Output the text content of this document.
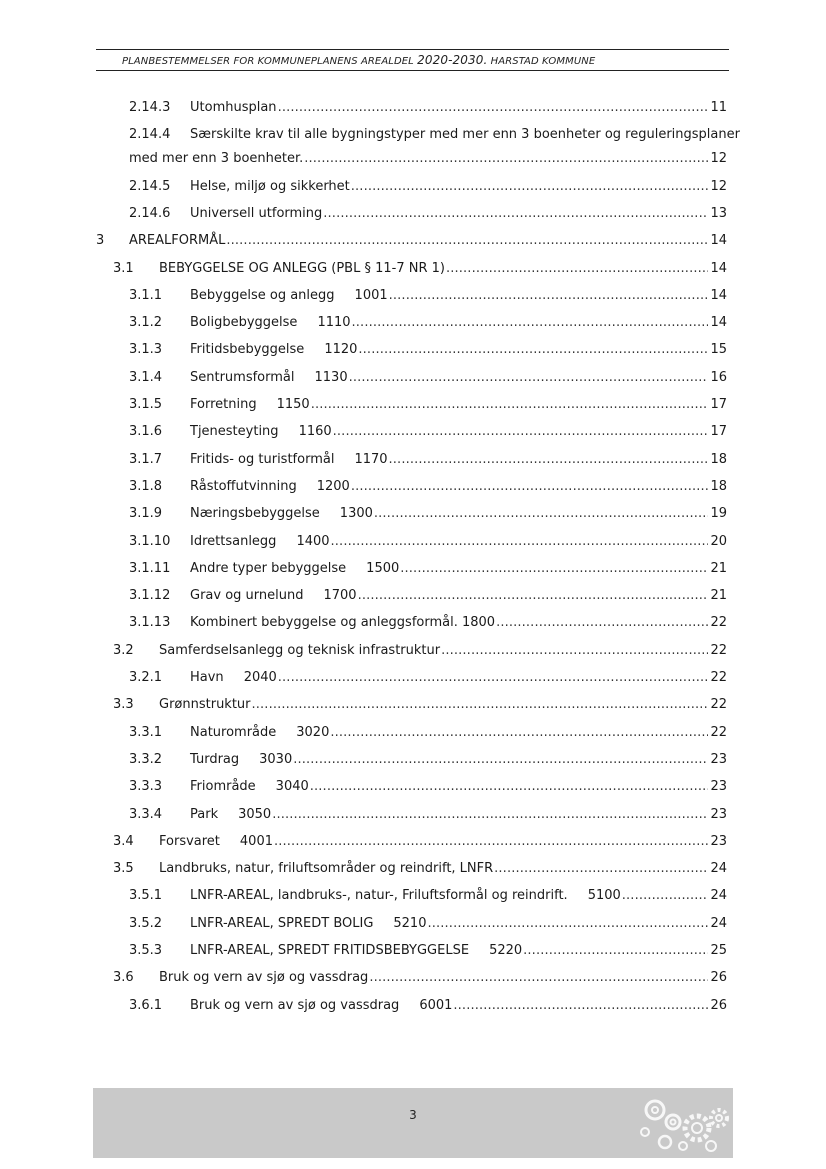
PLANBESTEMMELSER FOR KOMMUNEPLANENS AREALDEL 2020-2030. HARSTAD KOMMUNE
2.14.3	Utomhusplan . . .	11
2.14.4 Særskilte krav til alle bygningstyper med mer enn 3 boenheter og reguleringsplaner
med mer enn 3 boenheter. . . .	12
2.14.5	Helse, miljø og sikkerhet . . .	12
2.14.6	Universell utforming . . .	13
3	AREALFORMÅL . . .	14
3.1	BEBYGGELSE OG ANLEGG (PBL § 11-7 NR 1) . . .	14
3.1.1	Bebyggelse og anlegg 1001 . . .	14
3.1.2	Boligbebyggelse 1110 . . .	14
3.1.3	Fritidsbebyggelse 1120 . . .	15
3.1.4	Sentrumsformål 1130 . . .	16
3.1.5	Forretning 1150 . . .	17
3.1.6	Tjenesteyting 1160 . . .	17
3.1.7	Fritids- og turistformål 1170 . . .	18
3.1.8	Råstoffutvinning 1200 . . .	18
3.1.9	Næringsbebyggelse 1300 . . .	19
3.1.10	Idrettsanlegg 1400 . . .	20
3.1.11	Andre typer bebyggelse 1500 . . .	21
3.1.12	Grav og urnelund 1700 . . .	21
3.1.13	Kombinert bebyggelse og anleggsformål. 1800 . . .	22
3.2	Samferdselsanlegg og teknisk infrastruktur . . .	22
3.2.1	Havn 2040 . . .	22
3.3	Grønnstruktur . . .	22
3.3.1	Naturområde 3020 . . .	22
3.3.2	Turdrag 3030 . . .	23
3.3.3	Friområde 3040 . . .	23
3.3.4	Park 3050 . . .	23
3.4	Forsvaret 4001 . . .	23
3.5	Landbruks, natur, friluftsområder og reindrift, LNFR . . .	24
3.5.1	LNFR-AREAL, landbruks-, natur-, Friluftsformål og reindrift. 5100 . . .	24
3.5.2	LNFR-AREAL, SPREDT BOLIG 5210 . . .	24
3.5.3	LNFR-AREAL, SPREDT FRITIDSBEBYGGELSE 5220 . . .	25
3.6	Bruk og vern av sjø og vassdrag . . .	26
3.6.1	Bruk og vern av sjø og vassdrag 6001 . . .	26
3
